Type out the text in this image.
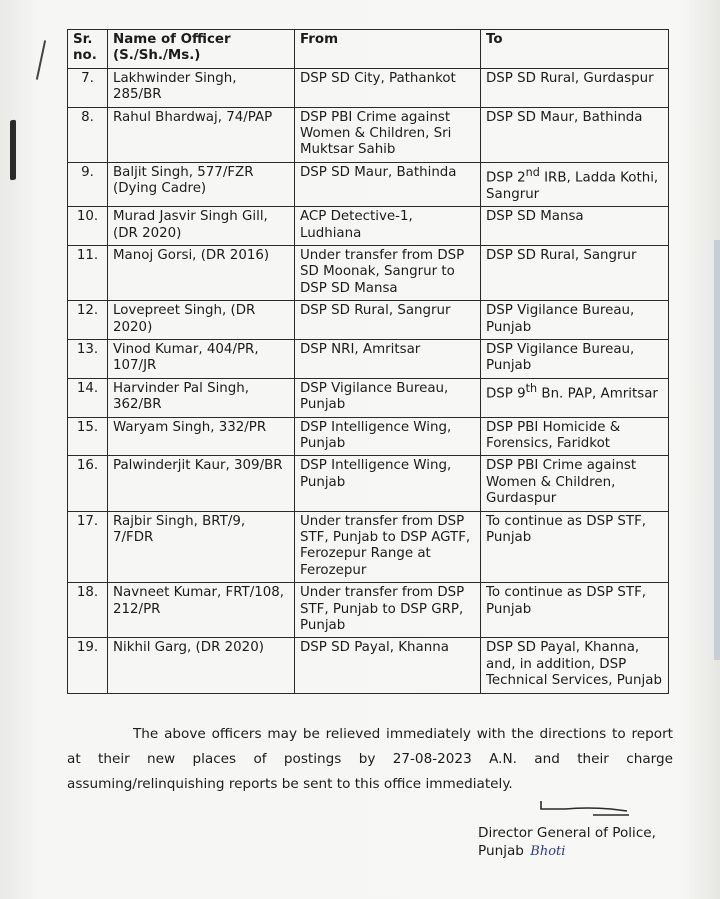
Sr. no.	Name of Officer (S./Sh./Ms.)	From	To
7.	Lakhwinder Singh, 285/BR	DSP SD City, Pathankot	DSP SD Rural, Gurdaspur
8.	Rahul Bhardwaj, 74/PAP	DSP PBI Crime against Women & Children, Sri Muktsar Sahib	DSP SD Maur, Bathinda
9.	Baljit Singh, 577/FZR (Dying Cadre)	DSP SD Maur, Bathinda	DSP 2nd IRB, Ladda Kothi, Sangrur
10.	Murad Jasvir Singh Gill, (DR 2020)	ACP Detective-1, Ludhiana	DSP SD Mansa
11.	Manoj Gorsi, (DR 2016)	Under transfer from DSP SD Moonak, Sangrur to DSP SD Mansa	DSP SD Rural, Sangrur
12.	Lovepreet Singh, (DR 2020)	DSP SD Rural, Sangrur	DSP Vigilance Bureau, Punjab
13.	Vinod Kumar, 404/PR, 107/JR	DSP NRI, Amritsar	DSP Vigilance Bureau, Punjab
14.	Harvinder Pal Singh, 362/BR	DSP Vigilance Bureau, Punjab	DSP 9th Bn. PAP, Amritsar
15.	Waryam Singh, 332/PR	DSP Intelligence Wing, Punjab	DSP PBI Homicide & Forensics, Faridkot
16.	Palwinderjit Kaur, 309/BR	DSP Intelligence Wing, Punjab	DSP PBI Crime against Women & Children, Gurdaspur
17.	Rajbir Singh, BRT/9, 7/FDR	Under transfer from DSP STF, Punjab to DSP AGTF, Ferozepur Range at Ferozepur	To continue as DSP STF, Punjab
18.	Navneet Kumar, FRT/108, 212/PR	Under transfer from DSP STF, Punjab to DSP GRP, Punjab	To continue as DSP STF, Punjab
19.	Nikhil Garg, (DR 2020)	DSP SD Payal, Khanna	DSP SD Payal, Khanna, and, in addition, DSP Technical Services, Punjab
The above officers may be relieved immediately with the directions to report at their new places of postings by 27-08-2023 A.N. and their charge assuming/relinquishing reports be sent to this office immediately.
Director General of Police,
Punjab Bhoti
